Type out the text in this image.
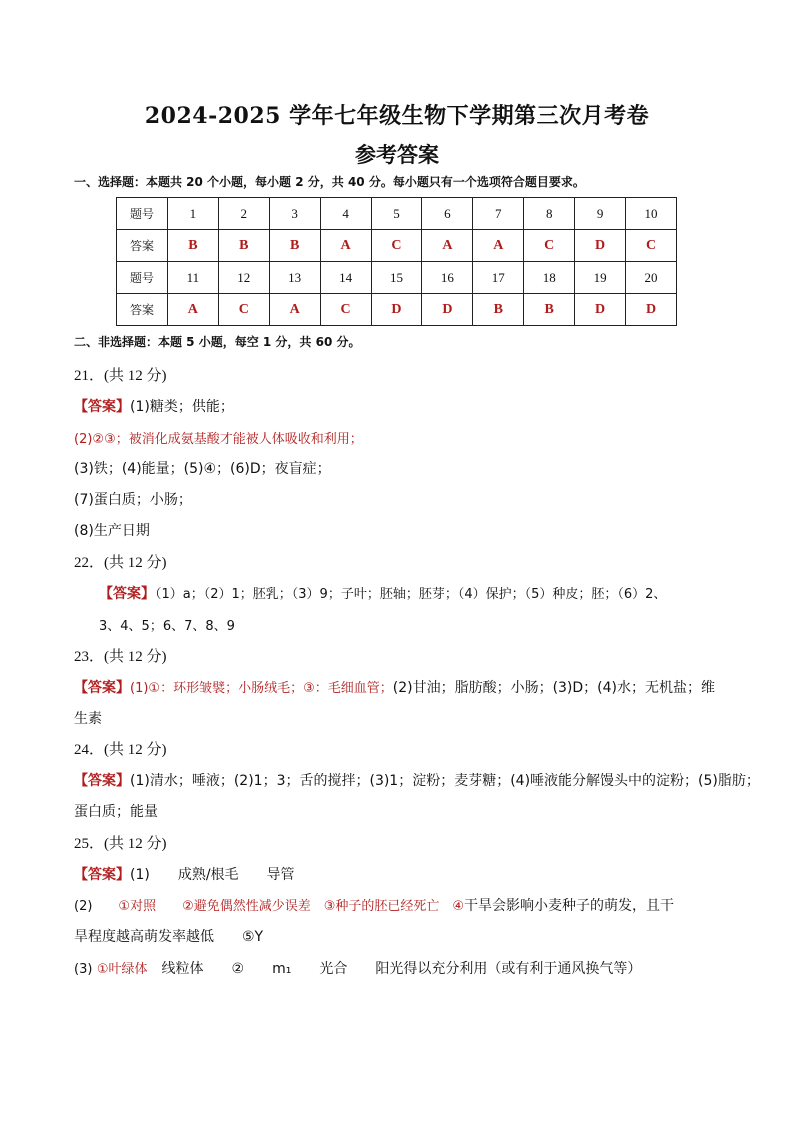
2024-2025 学年七年级生物下学期第三次月考卷
参考答案
一、选择题：本题共 20 个小题，每小题 2 分，共 40 分。每小题只有一个选项符合题目要求。
题号	1	2	3	4	5	6	7	8	9	10
答案	B	B	B	A	C	A	A	C	D	C
题号	11	12	13	14	15	16	17	18	19	20
答案	A	C	A	C	D	D	B	B	D	D
二、非选择题：本题 5 小题，每空 1 分，共 60 分。
21．(共 12 分)
【答案】(1)糖类；供能；
(2)②③；被消化成氨基酸才能被人体吸收和利用；
(3)铁；(4)能量；(5)④；(6)D；夜盲症；
(7)蛋白质；小肠；
(8)生产日期
22．(共 12 分)
【答案】（1）a；（2）1；胚乳；（3）9；子叶；胚轴；胚芽；（4）保护；（5）种皮；胚；（6）2、
3、4、5；6、7、8、9
23．(共 12 分)
【答案】(1)①：环形皱襞；小肠绒毛；③：毛细血管；(2)甘油；脂肪酸；小肠；(3)D；(4)水；无机盐；维
生素
24．(共 12 分)
【答案】(1)清水；唾液；(2)1；3；舌的搅拌；(3)1；淀粉；麦芽糖；(4)唾液能分解馒头中的淀粉；(5)脂肪；
蛋白质；能量
25．(共 12 分)
【答案】(1)　　成熟/根毛　　导管
(2)　　①对照　　②避免偶然性减少误差　③种子的胚已经死亡　④干旱会影响小麦种子的萌发，且干
旱程度越高萌发率越低　　⑤Y
(3) ①叶绿体　线粒体　　②　　m₁　　光合　　阳光得以充分利用（或有利于通风换气等）
